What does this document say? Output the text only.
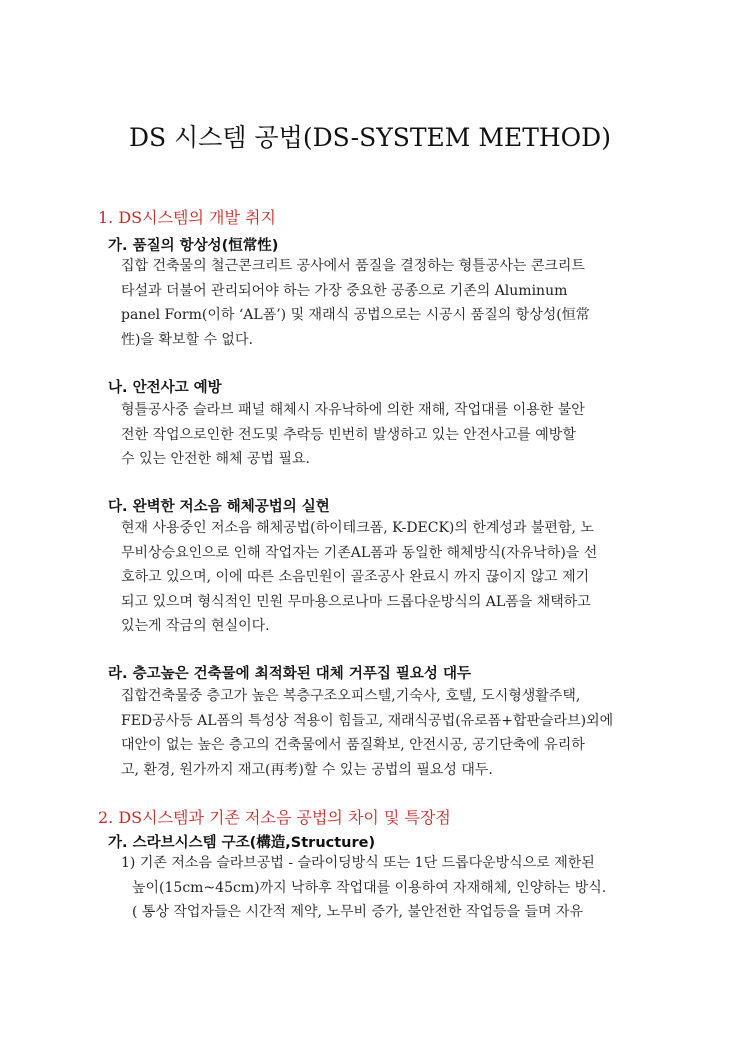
DS 시스템 공법(DS-SYSTEM METHOD)
1. DS시스템의 개발 취지
가. 품질의 항상성(恒常性)
집합 건축물의 철근콘크리트 공사에서 품질을 결정하는 형틀공사는 콘크리트
타설과 더불어 관리되어야 하는 가장 중요한 공종으로 기존의 Aluminum
panel Form(이하 ‘AL폼’) 및 재래식 공법으로는 시공시 품질의 항상성(恒常
性)을 확보할 수 없다.
나. 안전사고 예방
형틀공사중 슬라브 패널 해체시 자유낙하에 의한 재해, 작업대를 이용한 불안
전한 작업으로인한 전도및 추락등 빈번히 발생하고 있는 안전사고를 예방할
수 있는 안전한 해체 공법 필요.
다. 완벽한 저소음 해체공법의 실현
현재 사용중인 저소음 해체공법(하이테크폼, K-DECK)의 한계성과 불편함, 노
무비상승요인으로 인해 작업자는 기존AL폼과 동일한 해체방식(자유낙하)을 선
호하고 있으며, 이에 따른 소음민원이 골조공사 완료시 까지 끊이지 않고 제기
되고 있으며 형식적인 민원 무마용으로나마 드롭다운방식의 AL폼을 채택하고
있는게 작금의 현실이다.
라. 층고높은 건축물에 최적화된 대체 거푸집 필요성 대두
집합건축물중 층고가 높은 복층구조오피스텔,기숙사, 호텔, 도시형생활주택,
FED공사등 AL폼의 특성상 적용이 힘들고, 재래식공법(유로폼+합판슬라브)외에
대안이 없는 높은 층고의 건축물에서 품질확보, 안전시공, 공기단축에 유리하
고, 환경, 원가까지 재고(再考)할 수 있는 공법의 필요성 대두.
2. DS시스템과 기존 저소음 공법의 차이 및 특장점
가. 스라브시스템 구조(構造,Structure)
1) 기존 저소음 슬라브공법 - 슬라이딩방식 또는 1단 드롭다운방식으로 제한된
높이(15cm~45cm)까지 낙하후 작업대를 이용하여 자재해체, 인양하는 방식.
( 통상 작업자들은 시간적 제약, 노무비 증가, 불안전한 작업등을 들며 자유
